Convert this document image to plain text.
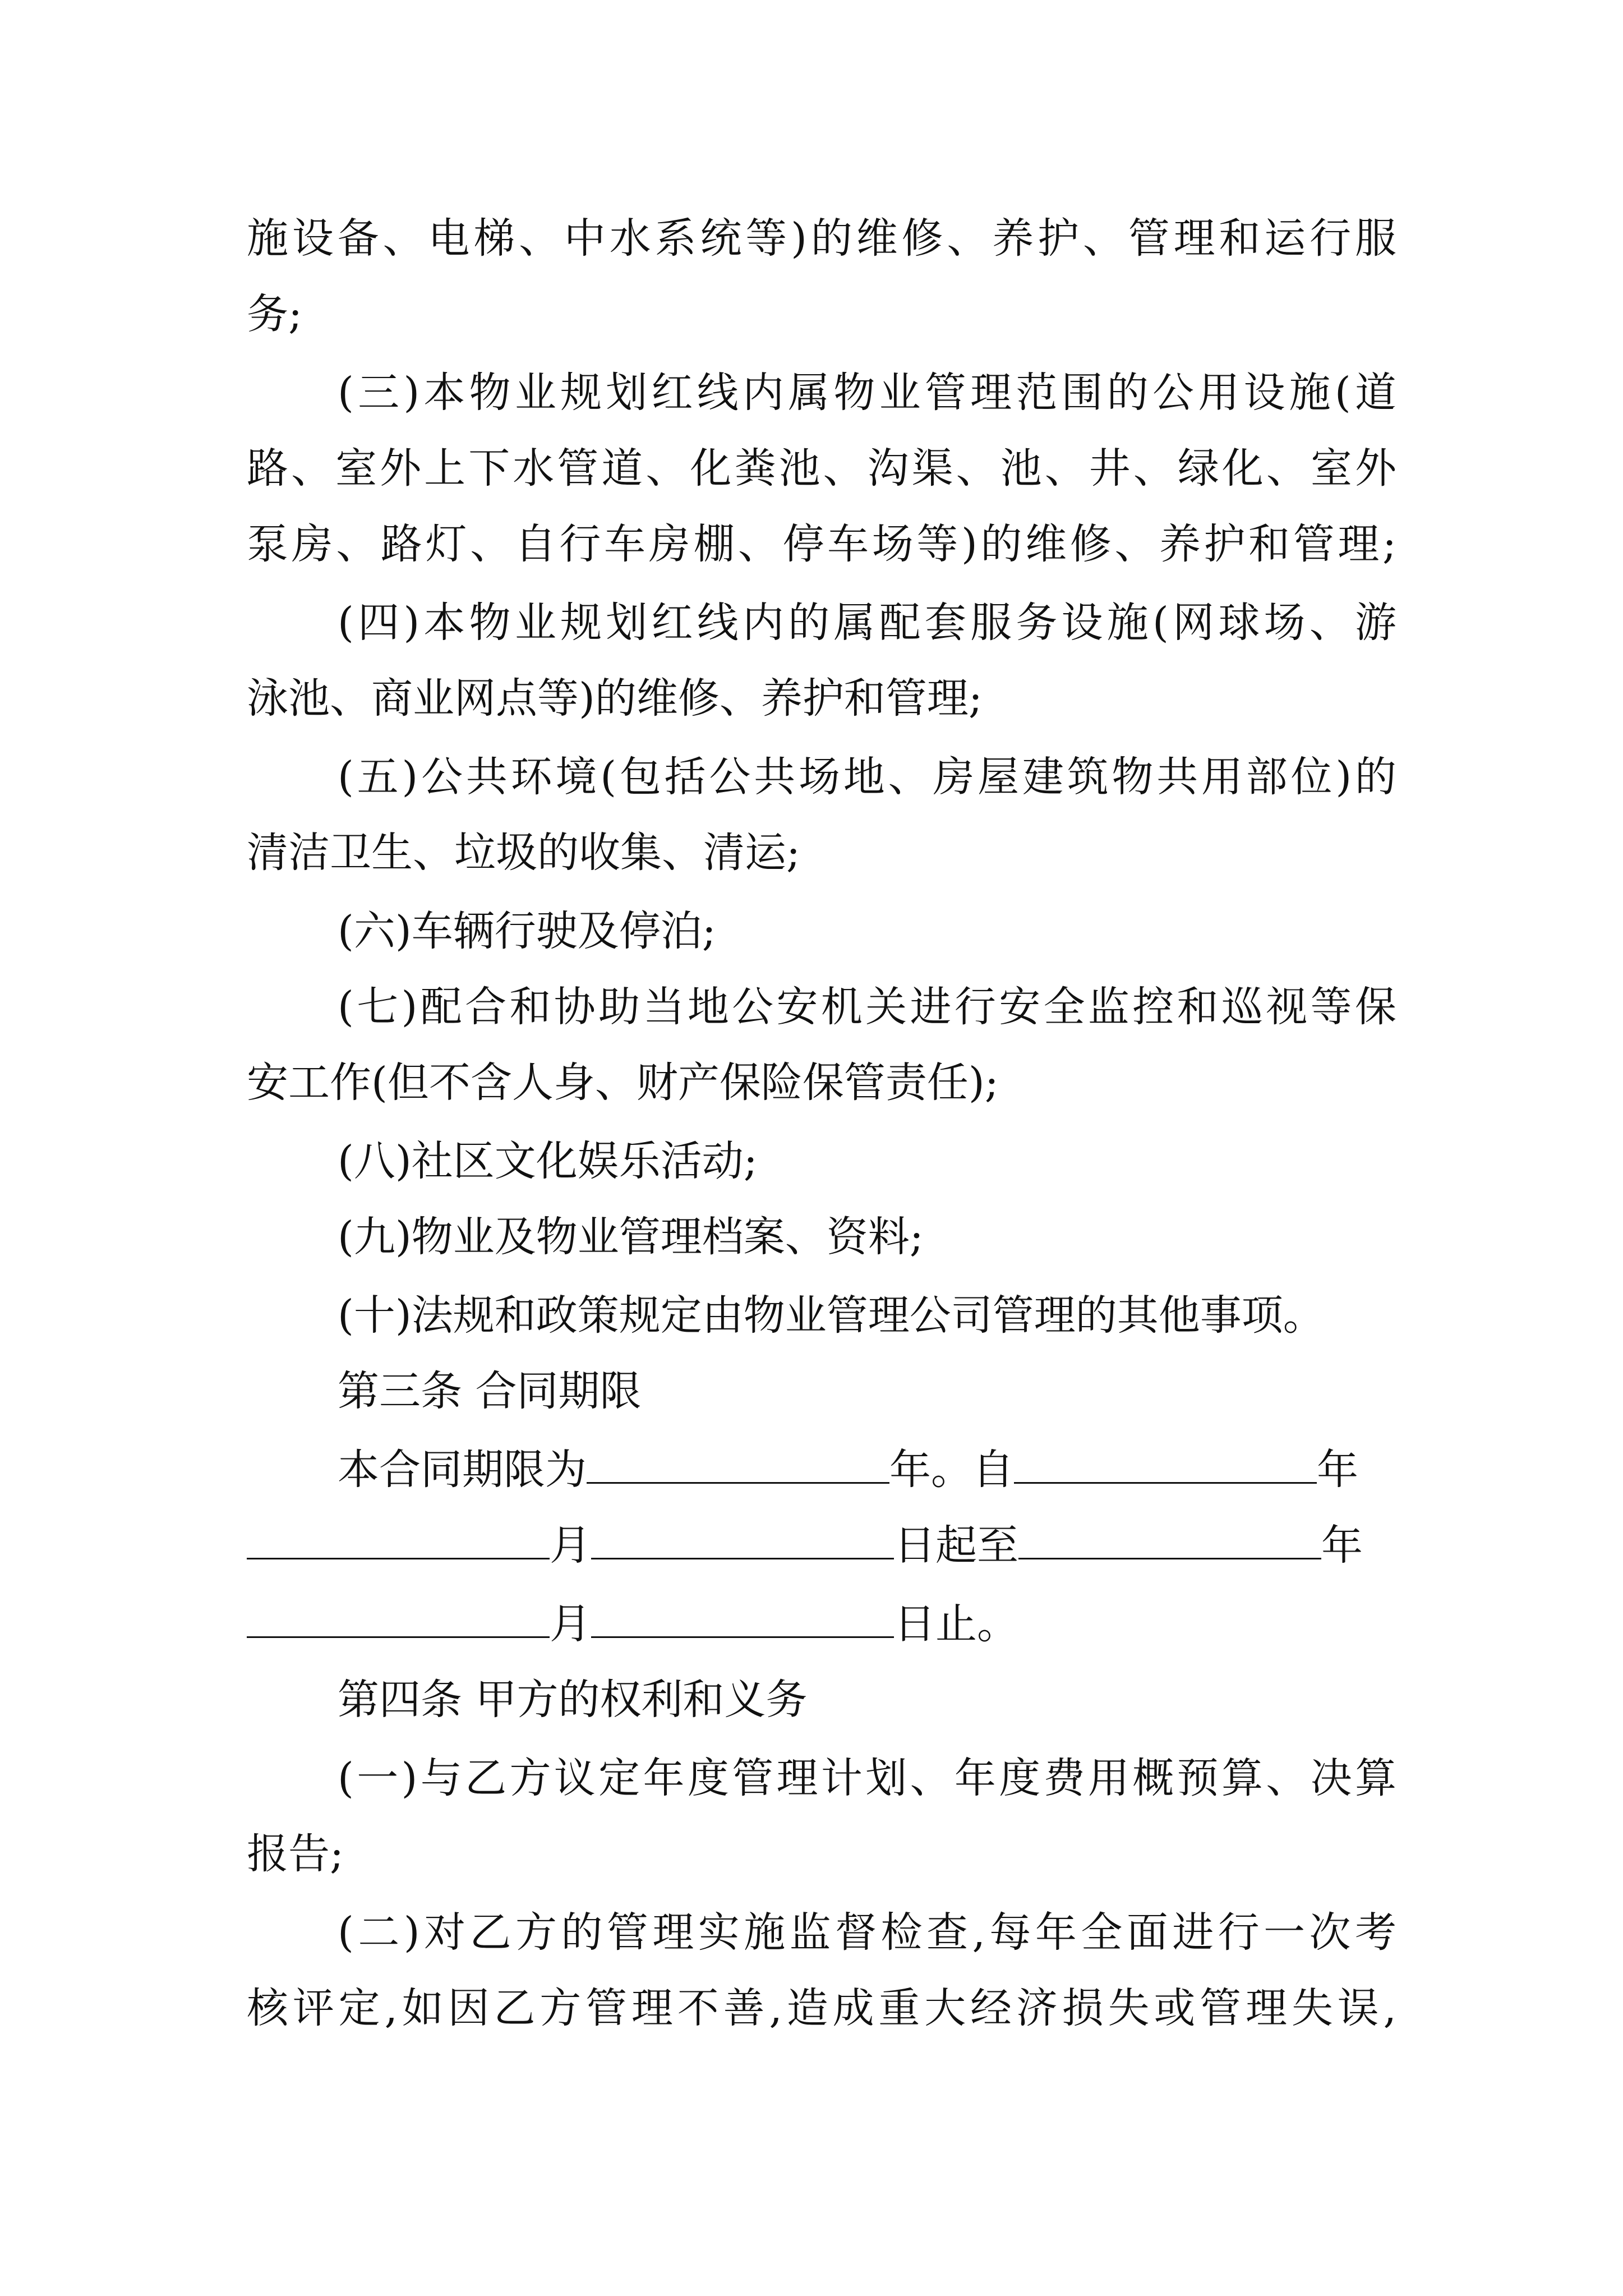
施设备、电梯、中水系统等)的维修、养护、管理和运行服
务;
(三)本物业规划红线内属物业管理范围的公用设施(道
路、室外上下水管道、化粪池、沟渠、池、井、绿化、室外
泵房、路灯、自行车房棚、停车场等)的维修、养护和管理;
(四)本物业规划红线内的属配套服务设施(网球场、游
泳池、商业网点等)的维修、养护和管理;
(五)公共环境(包括公共场地、房屋建筑物共用部位)的
清洁卫生、垃圾的收集、清运;
(六)车辆行驶及停泊;
(七)配合和协助当地公安机关进行安全监控和巡视等保
安工作(但不含人身、财产保险保管责任);
(八)社区文化娱乐活动;
(九)物业及物业管理档案、资料;
(十)法规和政策规定由物业管理公司管理的其他事项。
第三条 合同期限
本合同期限为	年。自	年
月	日起至	年
月	日止。
第四条 甲方的权利和义务
(一)与乙方议定年度管理计划、年度费用概预算、决算
报告;
(二)对乙方的管理实施监督检查,每年全面进行一次考
核评定,如因乙方管理不善,造成重大经济损失或管理失误,
